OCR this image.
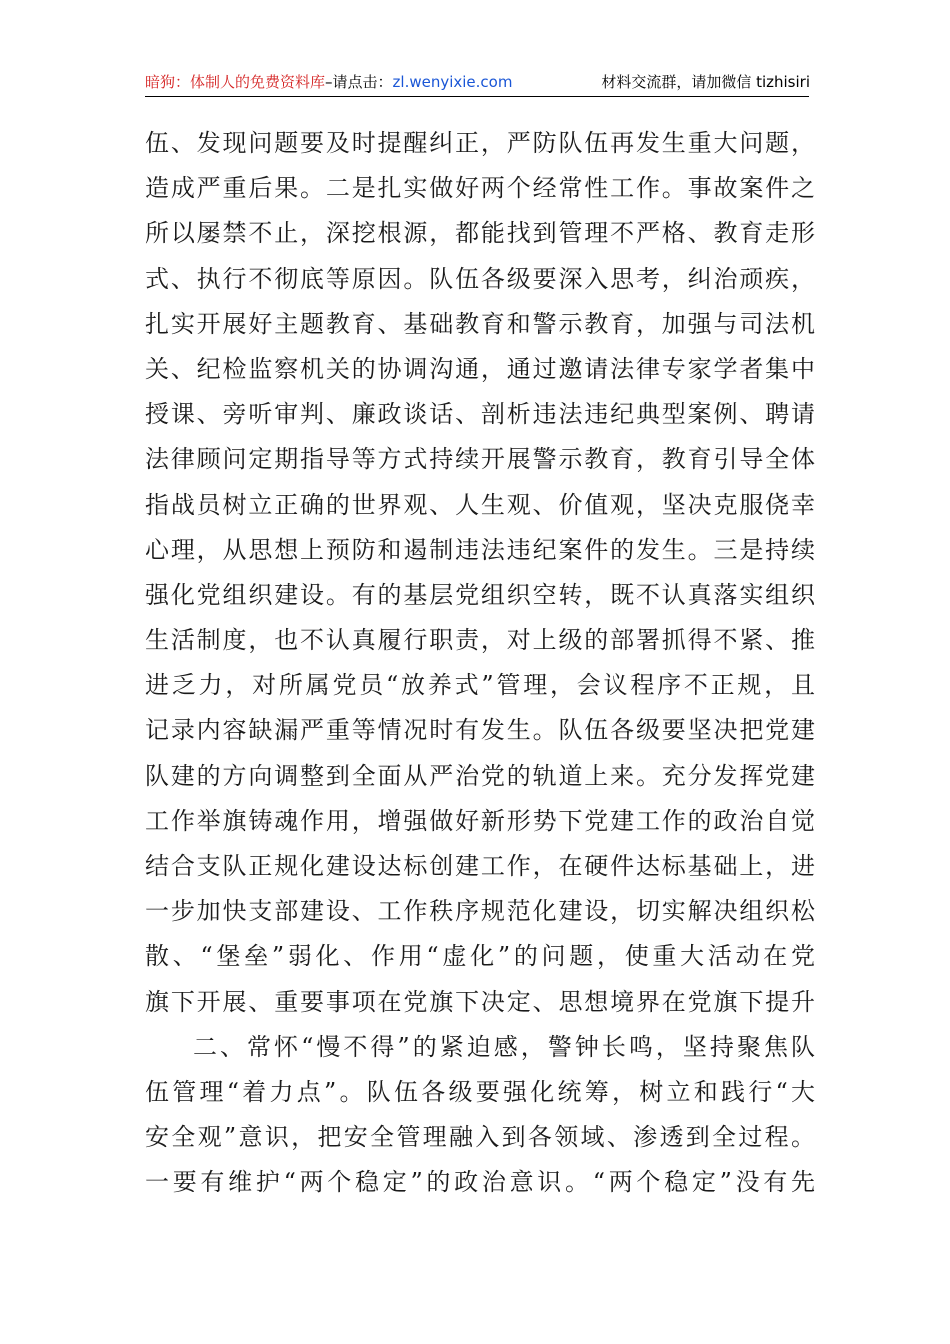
暗狗：体制人的免费资料库–请点击：zl.wenyixie.com	材料交流群，请加微信 tizhisiri
伍、发现问题要及时提醒纠正，严防队伍再发生重大问题，
造成严重后果。二是扎实做好两个经常性工作。事故案件之
所以屡禁不止，深挖根源，都能找到管理不严格、教育走形
式、执行不彻底等原因。队伍各级要深入思考，纠治顽疾，
扎实开展好主题教育、基础教育和警示教育，加强与司法机
关、纪检监察机关的协调沟通，通过邀请法律专家学者集中
授课、旁听审判、廉政谈话、剖析违法违纪典型案例、聘请
法律顾问定期指导等方式持续开展警示教育，教育引导全体
指战员树立正确的世界观、人生观、价值观，坚决克服侥幸
心理，从思想上预防和遏制违法违纪案件的发生。三是持续
强化党组织建设。有的基层党组织空转，既不认真落实组织
生活制度，也不认真履行职责，对上级的部署抓得不紧、推
进乏力，对所属党员“放养式”管理，会议程序不正规，且
记录内容缺漏严重等情况时有发生。队伍各级要坚决把党建
队建的方向调整到全面从严治党的轨道上来。充分发挥党建
工作举旗铸魂作用，增强做好新形势下党建工作的政治自觉
结合支队正规化建设达标创建工作，在硬件达标基础上，进
一步加快支部建设、工作秩序规范化建设，切实解决组织松
散、“堡垒”弱化、作用“虚化”的问题，使重大活动在党
旗下开展、重要事项在党旗下决定、思想境界在党旗下提升
二、常怀“慢不得”的紧迫感，警钟长鸣，坚持聚焦队
伍管理“着力点”。队伍各级要强化统筹，树立和践行“大
安全观”意识，把安全管理融入到各领域、渗透到全过程。
一要有维护“两个稳定”的政治意识。“两个稳定”没有先
